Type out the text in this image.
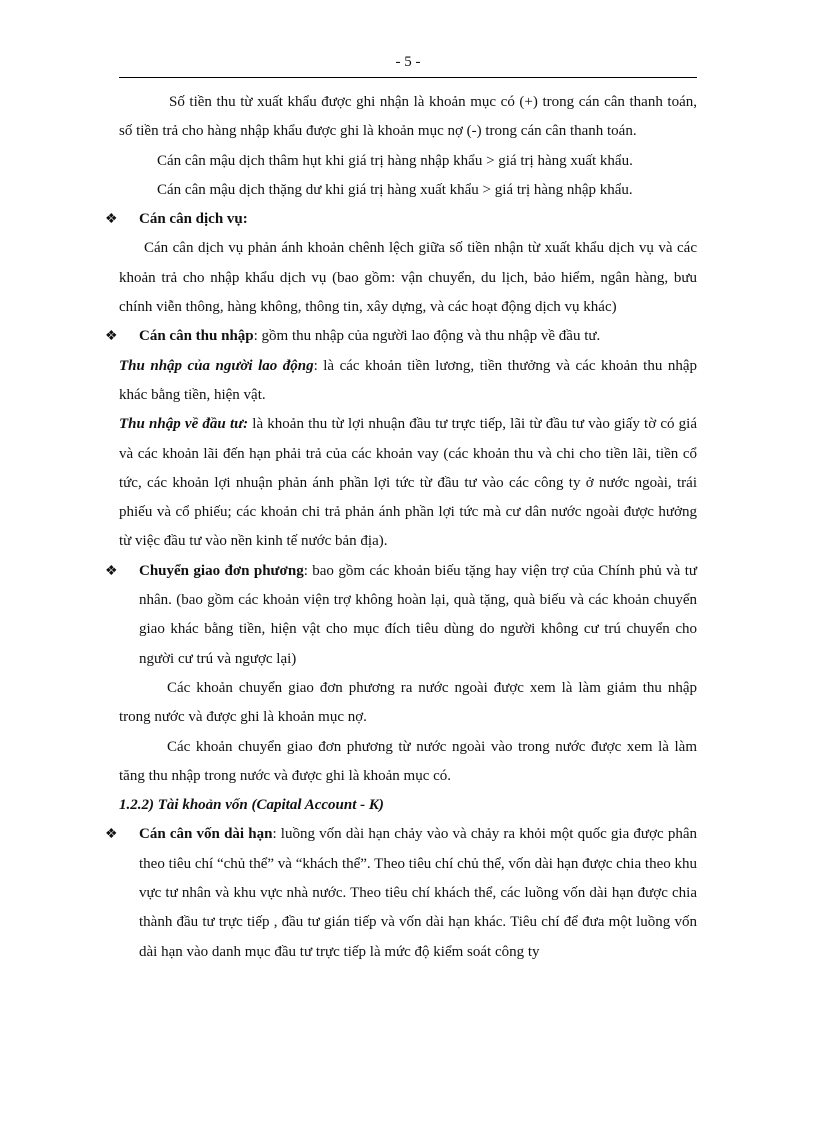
- 5 -

Số tiền thu từ xuất khẩu được ghi nhận là khoản mục có (+) trong cán cân thanh toán, số tiền trả cho hàng nhập khẩu được ghi là khoản mục nợ (-) trong cán cân thanh toán.

Cán cân mậu dịch thâm hụt khi giá trị hàng nhập khẩu > giá trị hàng xuất khẩu.

Cán cân mậu dịch thặng dư khi giá trị hàng xuất khẩu > giá trị hàng nhập khẩu.

❖ Cán cân dịch vụ:

Cán cân dịch vụ phản ánh khoản chênh lệch giữa số tiền nhận từ xuất khẩu dịch vụ và các khoản trả cho nhập khẩu dịch vụ (bao gồm: vận chuyển, du lịch, bảo hiểm, ngân hàng, bưu chính viễn thông, hàng không, thông tin, xây dựng, và các hoạt động dịch vụ khác)

❖ Cán cân thu nhập: gồm thu nhập của người lao động và thu nhập về đầu tư.

Thu nhập của người lao động: là các khoản tiền lương, tiền thưởng và các khoản thu nhập khác bằng tiền, hiện vật.

Thu nhập về đầu tư: là khoản thu từ lợi nhuận đầu tư trực tiếp, lãi từ đầu tư vào giấy tờ có giá và các khoản lãi đến hạn phải trả của các khoản vay (các khoản thu và chi cho tiền lãi, tiền cổ tức, các khoản lợi nhuận phản ánh phần lợi tức từ đầu tư vào các công ty ở nước ngoài, trái phiếu và cổ phiếu; các khoản chi trả phản ánh phần lợi tức mà cư dân nước ngoài được hưởng từ việc đầu tư vào nền kinh tế nước bản địa).

❖ Chuyển giao đơn phương: bao gồm các khoản biếu tặng hay viện trợ của Chính phủ và tư nhân. (bao gồm các khoản viện trợ không hoàn lại, quà tặng, quà biếu và các khoản chuyển giao khác bằng tiền, hiện vật cho mục đích tiêu dùng do người không cư trú chuyển cho người cư trú và ngược lại)

Các khoản chuyển giao đơn phương ra nước ngoài được xem là làm giảm thu nhập trong nước và được ghi là khoản mục nợ.

Các khoản chuyển giao đơn phương từ nước ngoài vào trong nước được xem là làm tăng thu nhập trong nước và được ghi là khoản mục có.

1.2.2) Tài khoản vốn (Capital Account - K)

❖ Cán cân vốn dài hạn: luồng vốn dài hạn chảy vào và chảy ra khỏi một quốc gia được phân theo tiêu chí “chủ thể” và “khách thể”. Theo tiêu chí chủ thể, vốn dài hạn được chia theo khu vực tư nhân và khu vực nhà nước. Theo tiêu chí khách thể, các luồng vốn dài hạn được chia thành đầu tư trực tiếp , đầu tư gián tiếp và vốn dài hạn khác. Tiêu chí để đưa một luồng vốn dài hạn vào danh mục đầu tư trực tiếp là mức độ kiểm soát công ty
